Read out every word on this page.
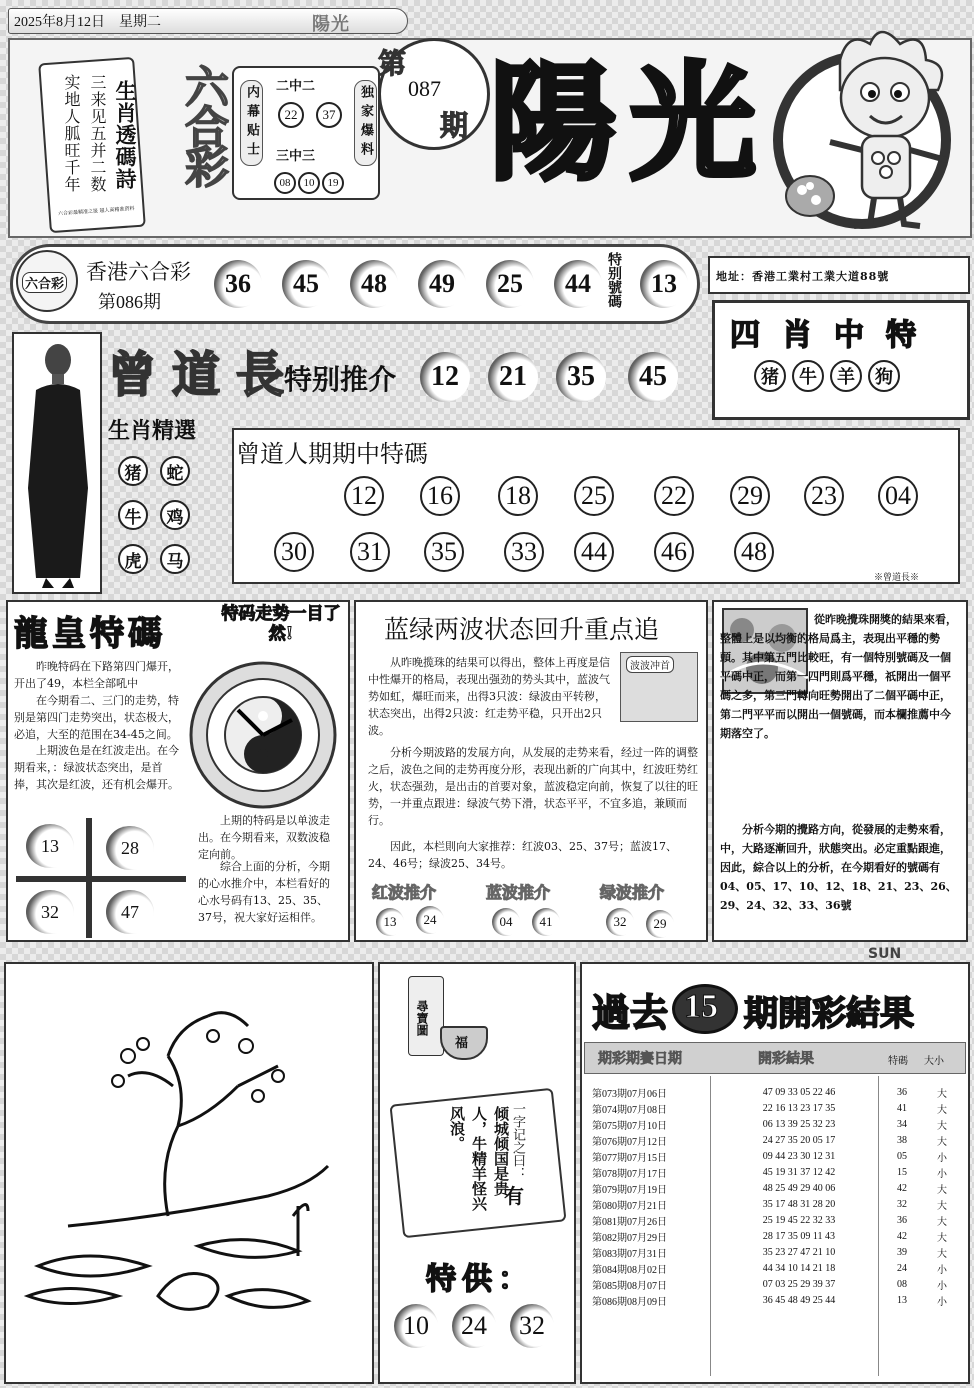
2025年8月12日　星期二	陽光
生肖透碼詩
三来见五并二数
实地人胍旺千年
六合彩最精准之报 超人高精准资料
六合彩	内幕贴士	独家爆料
二中二
三中三
22	37
08	10	19
第
期
087 陽光
六合彩
香港六合彩
第086期
36	45	48	49	25	44	特别號碼	13	地址：香港工業村工業大道88號
四肖中特
猪	牛	羊	狗
曾道長
特别推介	12	21	35	45
生肖精選
猪	蛇
牛	鸡
虎	马
曾道人期期中特碼
12 16 18 25 22 29 23 04
30 31 35 33 44 46 48
※曾道長※
龍皇特碼	特码走势一目了然!
昨晚特码在下路第四门爆开，开出了49，本栏全部吼中
在今期看二、三门的走势，特别是第四门走势突出，状态极大，必追，大至的范围在34-45之间。
上期波色是在红波走出。在今期看来，：绿波状态突出，是首捧，其次是红波，还有机会爆开。
上期的特码是以单波走出。在今期看来，双数波稳定向前。
综合上面的分析，今期的心水推介中，本栏看好的心水号码有13、25、35、37号，祝大家好运相伴。
13	28
32	47
蓝绿两波状态回升重点追
从昨晚揽珠的结果可以得出，整体上再度是信中性爆开的格局，表现出强劲的势头其中，蓝波气势如虹，爆旺而来，出得3只波：绿波由平转秽，状态突出，出得2只波：红走势平稳，只开出2只波。
波波冲首
分析今期波路的发展方向，从发展的走势来看，经过一阵的调整之后，波色之间的走势再度分形，表现出新的广向其中，红波旺势红火，状态强劲，是出击的首要对象，蓝波稳定向前，恢复了以往的旺势，一并重点跟进：绿波气势下滑，状态平平，不宜多追，兼顾而行。
因此，本栏則向大家推荐：红波03、25、37号；蓝波17、24、46号；绿波25、34号。
红波推介	蓝波推介	绿波推介
13	24	04	41	32	29
從昨晚攪珠開獎的結果來看，整體上是以均衡的格局爲主，表現出平穩的勢頭。其中第五門比較旺，有一個特別號碼及一個平碼中正，而第一四門則爲平穩，祇開出一個平碼之多，第三門轉向旺勢開出了二個平碼中正，第二門平平而以開出一個號碼，而本欄推薦中今期落空了。
分析今期的攪路方向，從發展的走勢來看，中，大路逐漸回升，狀態突出。必定重點跟進，因此，綜合以上的分析，在今期看好的號碼有04、05、17、10、12、18、21、23、26、29、24、32、33、36號
尋寶圖
福
倾城倾国是贵人，牛精羊怪兴风浪。	一字记之曰：
有
特供：
10	24	32
SUN
過去 15 期開彩結果
期彩期賽日期	開彩結果	特碼 大小
第073期07月06日	47 09 33 05 22 46	36	大
第074期07月08日	22 16 13 23 17 35	41	大
第075期07月10日	06 13 39 25 32 23	34	大
第076期07月12日	24 27 35 20 05 17	38	大
第077期07月15日	09 44 23 30 12 31	05	小
第078期07月17日	45 19 31 37 12 42	15	小
第079期07月19日	48 25 49 29 40 06	42	大
第080期07月21日	35 17 48 31 28 20	32	大
第081期07月26日	25 19 45 22 32 33	36	大
第082期07月29日	28 17 35 09 11 43	42	大
第083期07月31日	35 23 27 47 21 10	39	大
第084期08月02日	44 34 10 14 21 18	24	小
第085期08月07日	07 03 25 29 39 37	08	小
第086期08月09日	36 45 48 49 25 44	13	小
